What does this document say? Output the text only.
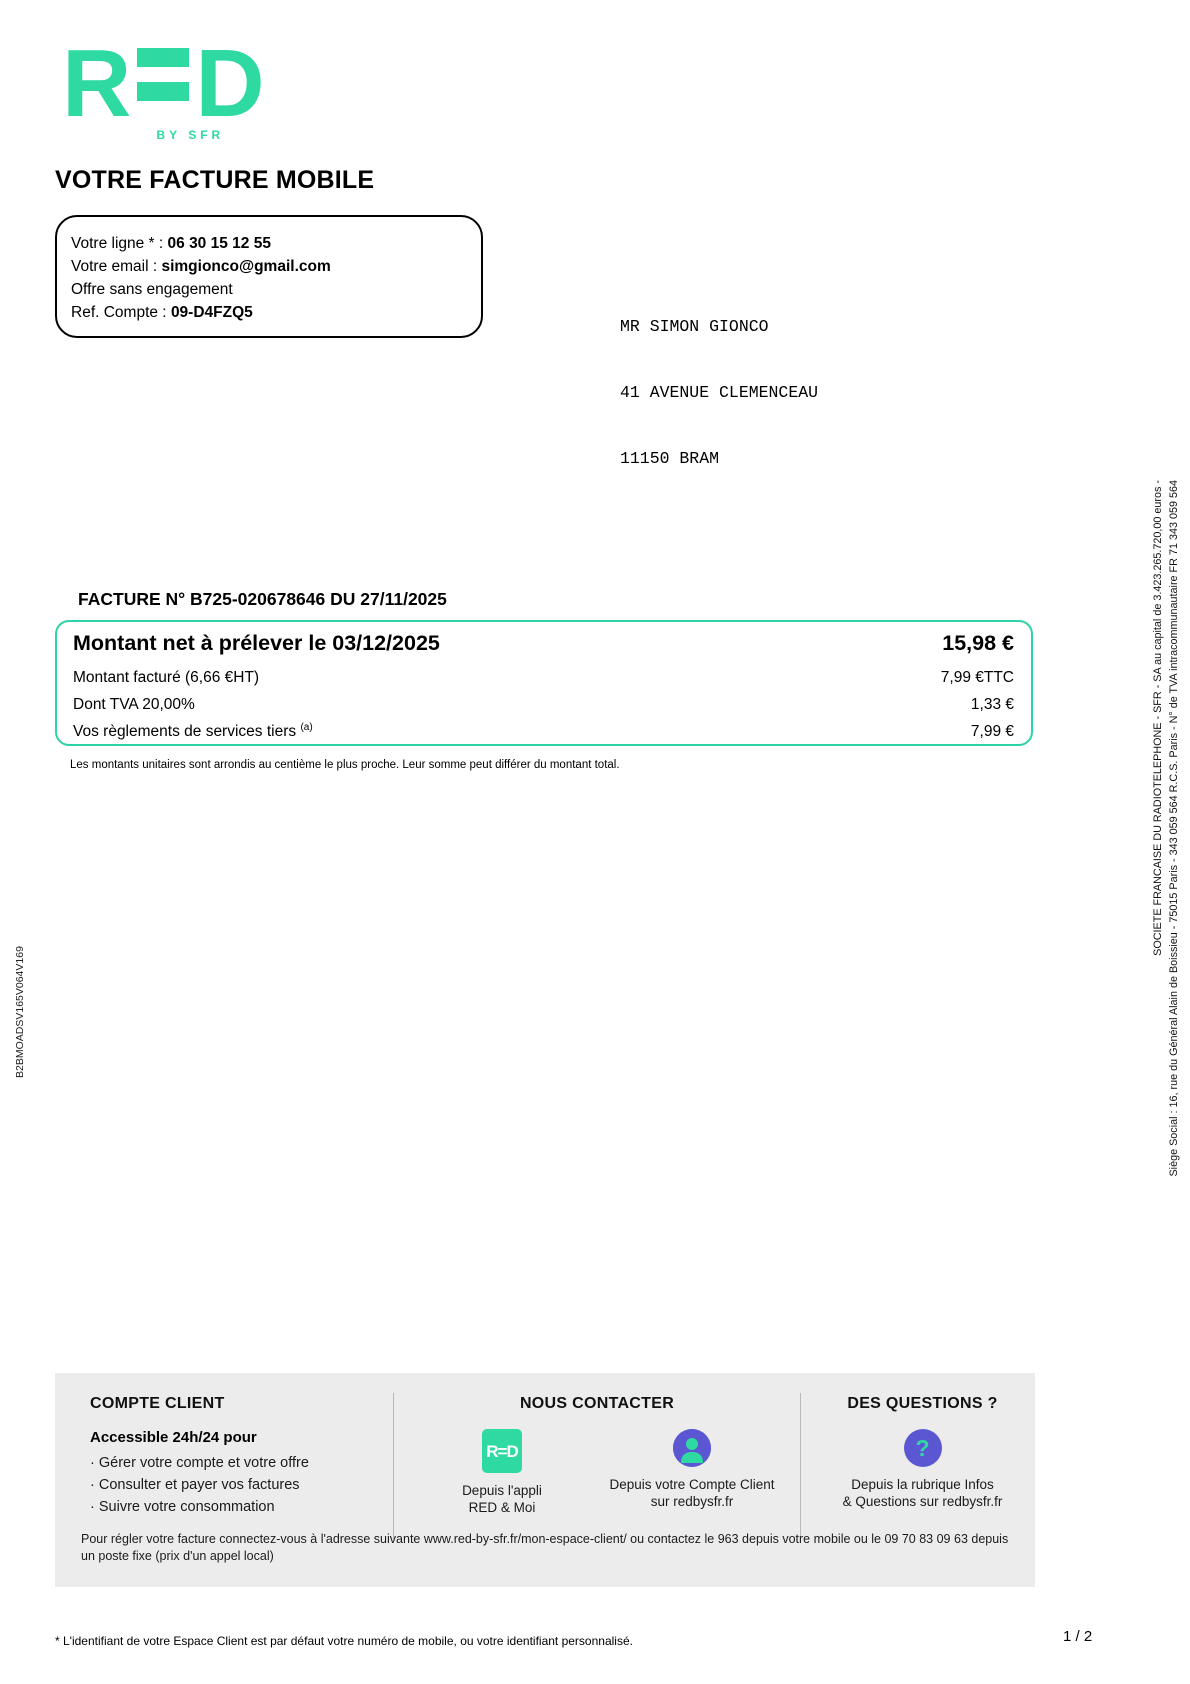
R D
BY SFR
VOTRE FACTURE MOBILE
Votre ligne * : 06 30 15 12 55
Votre email : simgionco@gmail.com
Offre sans engagement
Ref. Compte : 09-D4FZQ5

MR SIMON GIONCO

41 AVENUE CLEMENCEAU

11150 BRAM

FACTURE N° B725-020678646 DU 27/11/2025
Montant net à prélever le 03/12/2025	15,98 €
Montant facturé (6,66 €HT)	7,99 €TTC
Dont TVA 20,00%	1,33 €
Vos règlements de services tiers $^{(a)}$	7,99 €
Les montants unitaires sont arrondis au centième le plus proche. Leur somme peut différer du montant total.
B2BMOADSV165V064V169
SOCIETE FRANCAISE DU RADIOTELEPHONE - SFR - SA au capital de 3.423.265.720,00 euros - Siège Social : 16, rue du Général Alain de Boissieu - 75015 Paris - 343 059 564 R.C.S. Paris - N° de TVA intracommunautaire FR 71 343 059 564
COMPTE CLIENT
Accessible 24h/24 pour
· Gérer votre compte et votre offre
· Consulter et payer vos factures
· Suivre votre consommation
NOUS CONTACTER
R=D
Depuis l'appli
RED & Moi
Depuis votre Compte Client
sur redbysfr.fr
DES QUESTIONS ?
?
Depuis la rubrique Infos
& Questions sur redbysfr.fr
Pour régler votre facture connectez-vous à l'adresse suivante www.red-by-sfr.fr/mon-espace-client/ ou contactez le 963 depuis votre mobile ou le 09 70 83 09 63 depuis un poste fixe (prix d'un appel local)
* L'identifiant de votre Espace Client est par défaut votre numéro de mobile, ou votre identifiant personnalisé.	1 / 2
